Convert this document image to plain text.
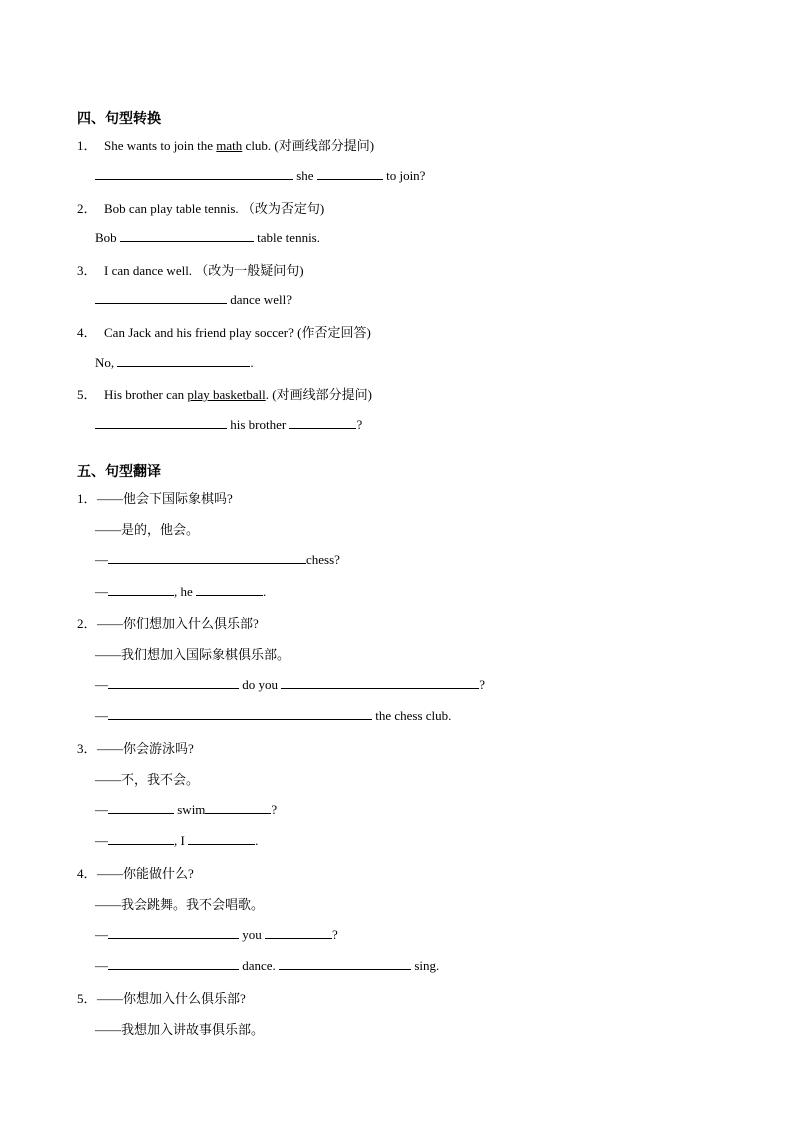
四、句型转换
1． She wants to join the math club. (对画线部分提问)
she	to join?
2． Bob can play table tennis. （改为否定句)
Bob	table tennis.
3． I can dance well. （改为一般疑问句)
dance well?
4． Can Jack and his friend play soccer? (作否定回答)
No,	.
5． His brother can play basketball. (对画线部分提问)
his brother	?
五、句型翻译
1．——他会下国际象棋吗?
——是的，他会。
—	chess?
—	, he	.
2．——你们想加入什么俱乐部?
——我们想加入国际象棋俱乐部。
—	do you	?
—	the chess club.
3．——你会游泳吗?
——不，我不会。
—	swim	?
—	, I	.
4．——你能做什么?
——我会跳舞。我不会唱歌。
—	you	?
—	dance.	sing.
5．——你想加入什么俱乐部?
——我想加入讲故事俱乐部。
